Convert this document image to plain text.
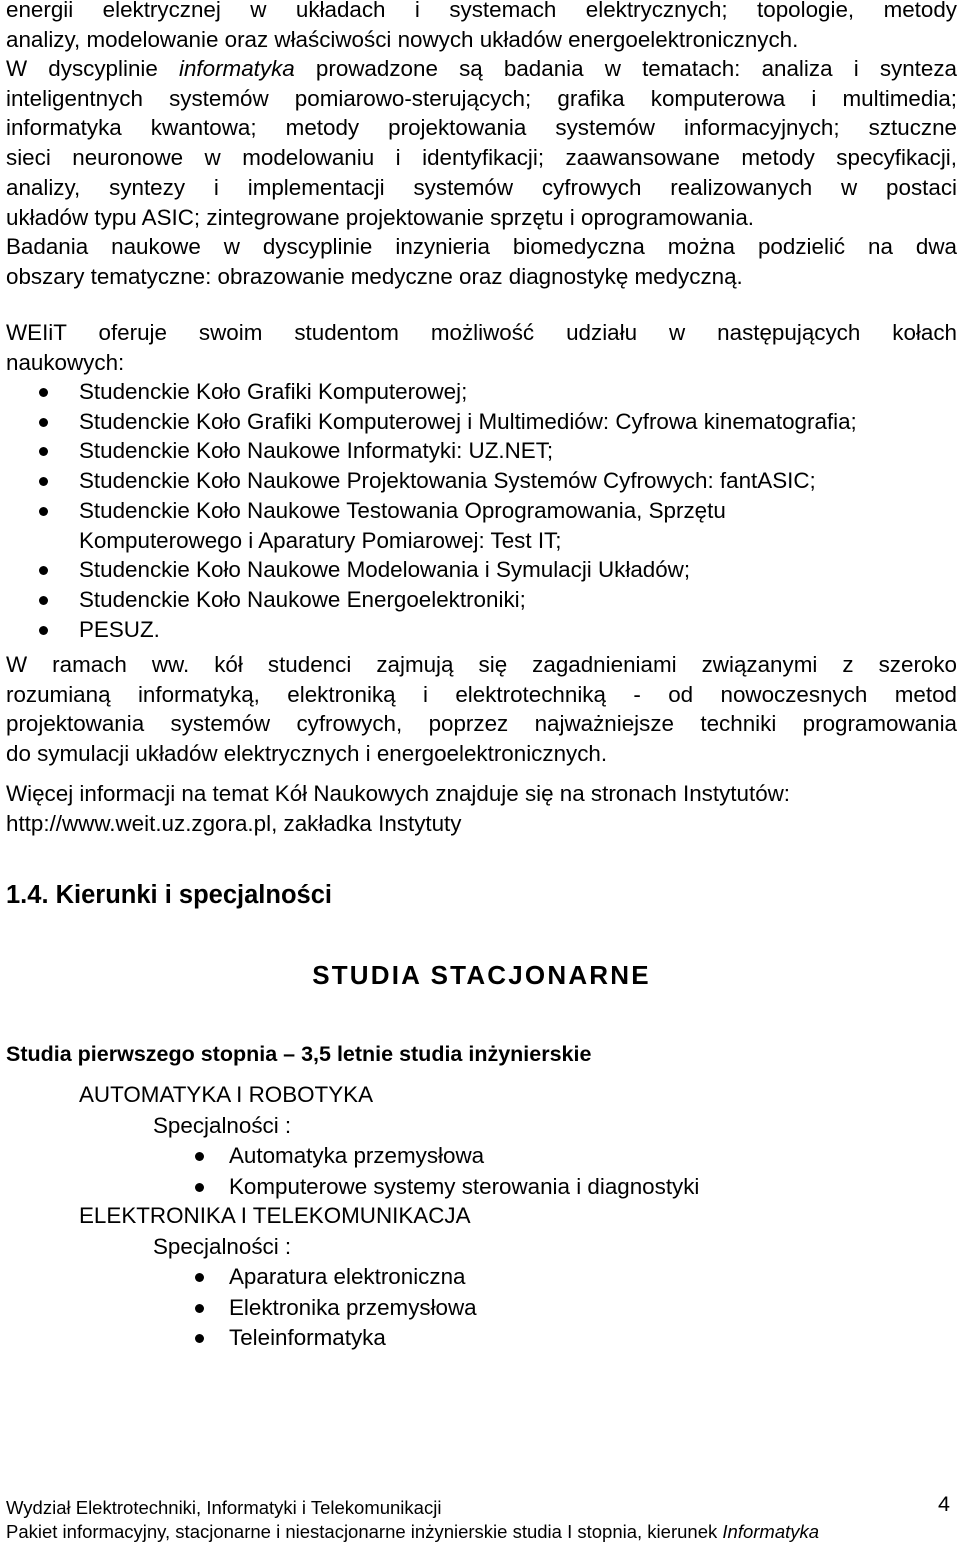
energii elektrycznej w układach i systemach elektrycznych; topologie, metody
analizy, modelowanie oraz właściwości nowych układów energoelektronicznych.
W dyscyplinie informatyka prowadzone są badania w tematach: analiza i synteza
inteligentnych systemów pomiarowo-sterujących; grafika komputerowa i multimedia;
informatyka kwantowa; metody projektowania systemów informacyjnych; sztuczne
sieci neuronowe w modelowaniu i identyfikacji; zaawansowane metody specyfikacji,
analizy, syntezy i implementacji systemów cyfrowych realizowanych w postaci
układów typu ASIC; zintegrowane projektowanie sprzętu i oprogramowania.
Badania naukowe w dyscyplinie inzynieria biomedyczna można podzielić na dwa
obszary tematyczne: obrazowanie medyczne oraz diagnostykę medyczną.
WEIiT oferuje swoim studentom możliwość udziału w następujących kołach
naukowych:
Studenckie Koło Grafiki Komputerowej;
Studenckie Koło Grafiki Komputerowej i Multimediów: Cyfrowa kinematografia;
Studenckie Koło Naukowe Informatyki: UZ.NET;
Studenckie Koło Naukowe Projektowania Systemów Cyfrowych: fantASIC;
Studenckie Koło Naukowe Testowania Oprogramowania, Sprzętu
Komputerowego i Aparatury Pomiarowej: Test IT;
Studenckie Koło Naukowe Modelowania i Symulacji Układów;
Studenckie Koło Naukowe Energoelektroniki;
PESUZ.
W ramach ww. kół studenci zajmują się zagadnieniami związanymi z szeroko
rozumianą informatyką, elektroniką i elektrotechniką - od nowoczesnych metod
projektowania systemów cyfrowych, poprzez najważniejsze techniki programowania
do symulacji układów elektrycznych i energoelektronicznych.
Więcej informacji na temat Kół Naukowych znajduje się na stronach Instytutów:
http://www.weit.uz.zgora.pl, zakładka Instytuty
1.4. Kierunki i specjalności
STUDIA STACJONARNE
Studia pierwszego stopnia – 3,5 letnie studia inżynierskie
AUTOMATYKA I ROBOTYKA
Specjalności :
Automatyka przemysłowa
Komputerowe systemy sterowania i diagnostyki
ELEKTRONIKA I TELEKOMUNIKACJA
Specjalności :
Aparatura elektroniczna
Elektronika przemysłowa
Teleinformatyka
Wydział Elektrotechniki, Informatyki i Telekomunikacji
Pakiet informacyjny, stacjonarne i niestacjonarne inżynierskie studia I stopnia, kierunek Informatyka
4
